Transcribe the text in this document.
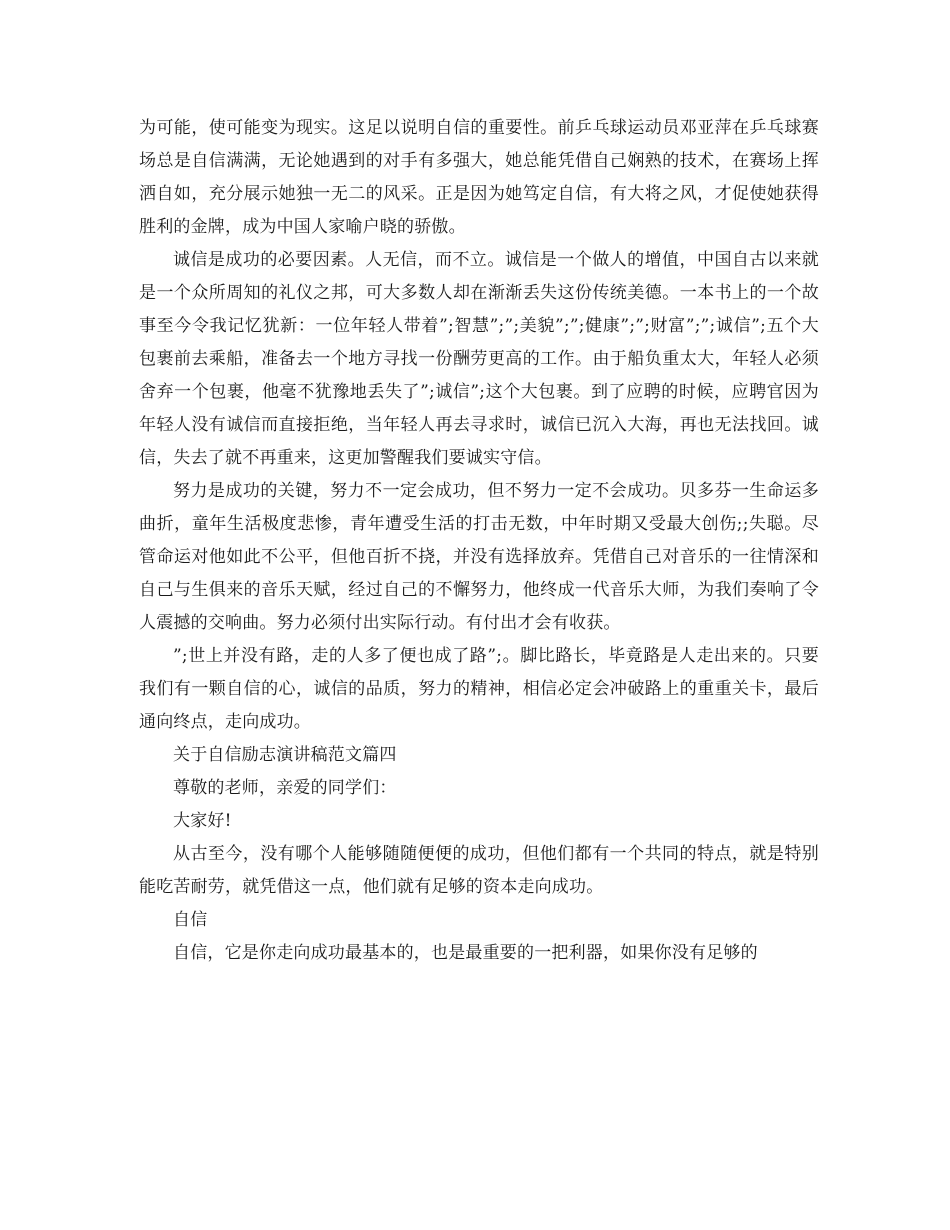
为可能，使可能变为现实。这足以说明自信的重要性。前乒乓球运动员邓亚萍在乒乓球赛场总是自信满满，无论她遇到的对手有多强大，她总能凭借自己娴熟的技术，在赛场上挥洒自如，充分展示她独一无二的风采。正是因为她笃定自信，有大将之风，才促使她获得胜利的金牌，成为中国人家喻户晓的骄傲。

诚信是成功的必要因素。人无信，而不立。诚信是一个做人的增值，中国自古以来就是一个众所周知的礼仪之邦，可大多数人却在渐渐丢失这份传统美德。一本书上的一个故事至今令我记忆犹新：一位年轻人带着”;智慧”;”;美貌”;”;健康”;”;财富”;”;诚信”;五个大包裹前去乘船，准备去一个地方寻找一份酬劳更高的工作。由于船负重太大，年轻人必须舍弃一个包裹，他毫不犹豫地丢失了”;诚信”;这个大包裹。到了应聘的时候，应聘官因为年轻人没有诚信而直接拒绝，当年轻人再去寻求时，诚信已沉入大海，再也无法找回。诚信，失去了就不再重来，这更加警醒我们要诚实守信。

努力是成功的关键，努力不一定会成功，但不努力一定不会成功。贝多芬一生命运多曲折，童年生活极度悲惨，青年遭受生活的打击无数，中年时期又受最大创伤;;失聪。尽管命运对他如此不公平，但他百折不挠，并没有选择放弃。凭借自己对音乐的一往情深和自己与生俱来的音乐天赋，经过自己的不懈努力，他终成一代音乐大师，为我们奏响了令人震撼的交响曲。努力必须付出实际行动。有付出才会有收获。

”;世上并没有路，走的人多了便也成了路”;。脚比路长，毕竟路是人走出来的。只要我们有一颗自信的心，诚信的品质，努力的精神，相信必定会冲破路上的重重关卡，最后通向终点，走向成功。

关于自信励志演讲稿范文篇四

尊敬的老师，亲爱的同学们：

大家好!

从古至今，没有哪个人能够随随便便的成功，但他们都有一个共同的特点，就是特别能吃苦耐劳，就凭借这一点，他们就有足够的资本走向成功。

自信

自信，它是你走向成功最基本的，也是最重要的一把利器，如果你没有足够的
